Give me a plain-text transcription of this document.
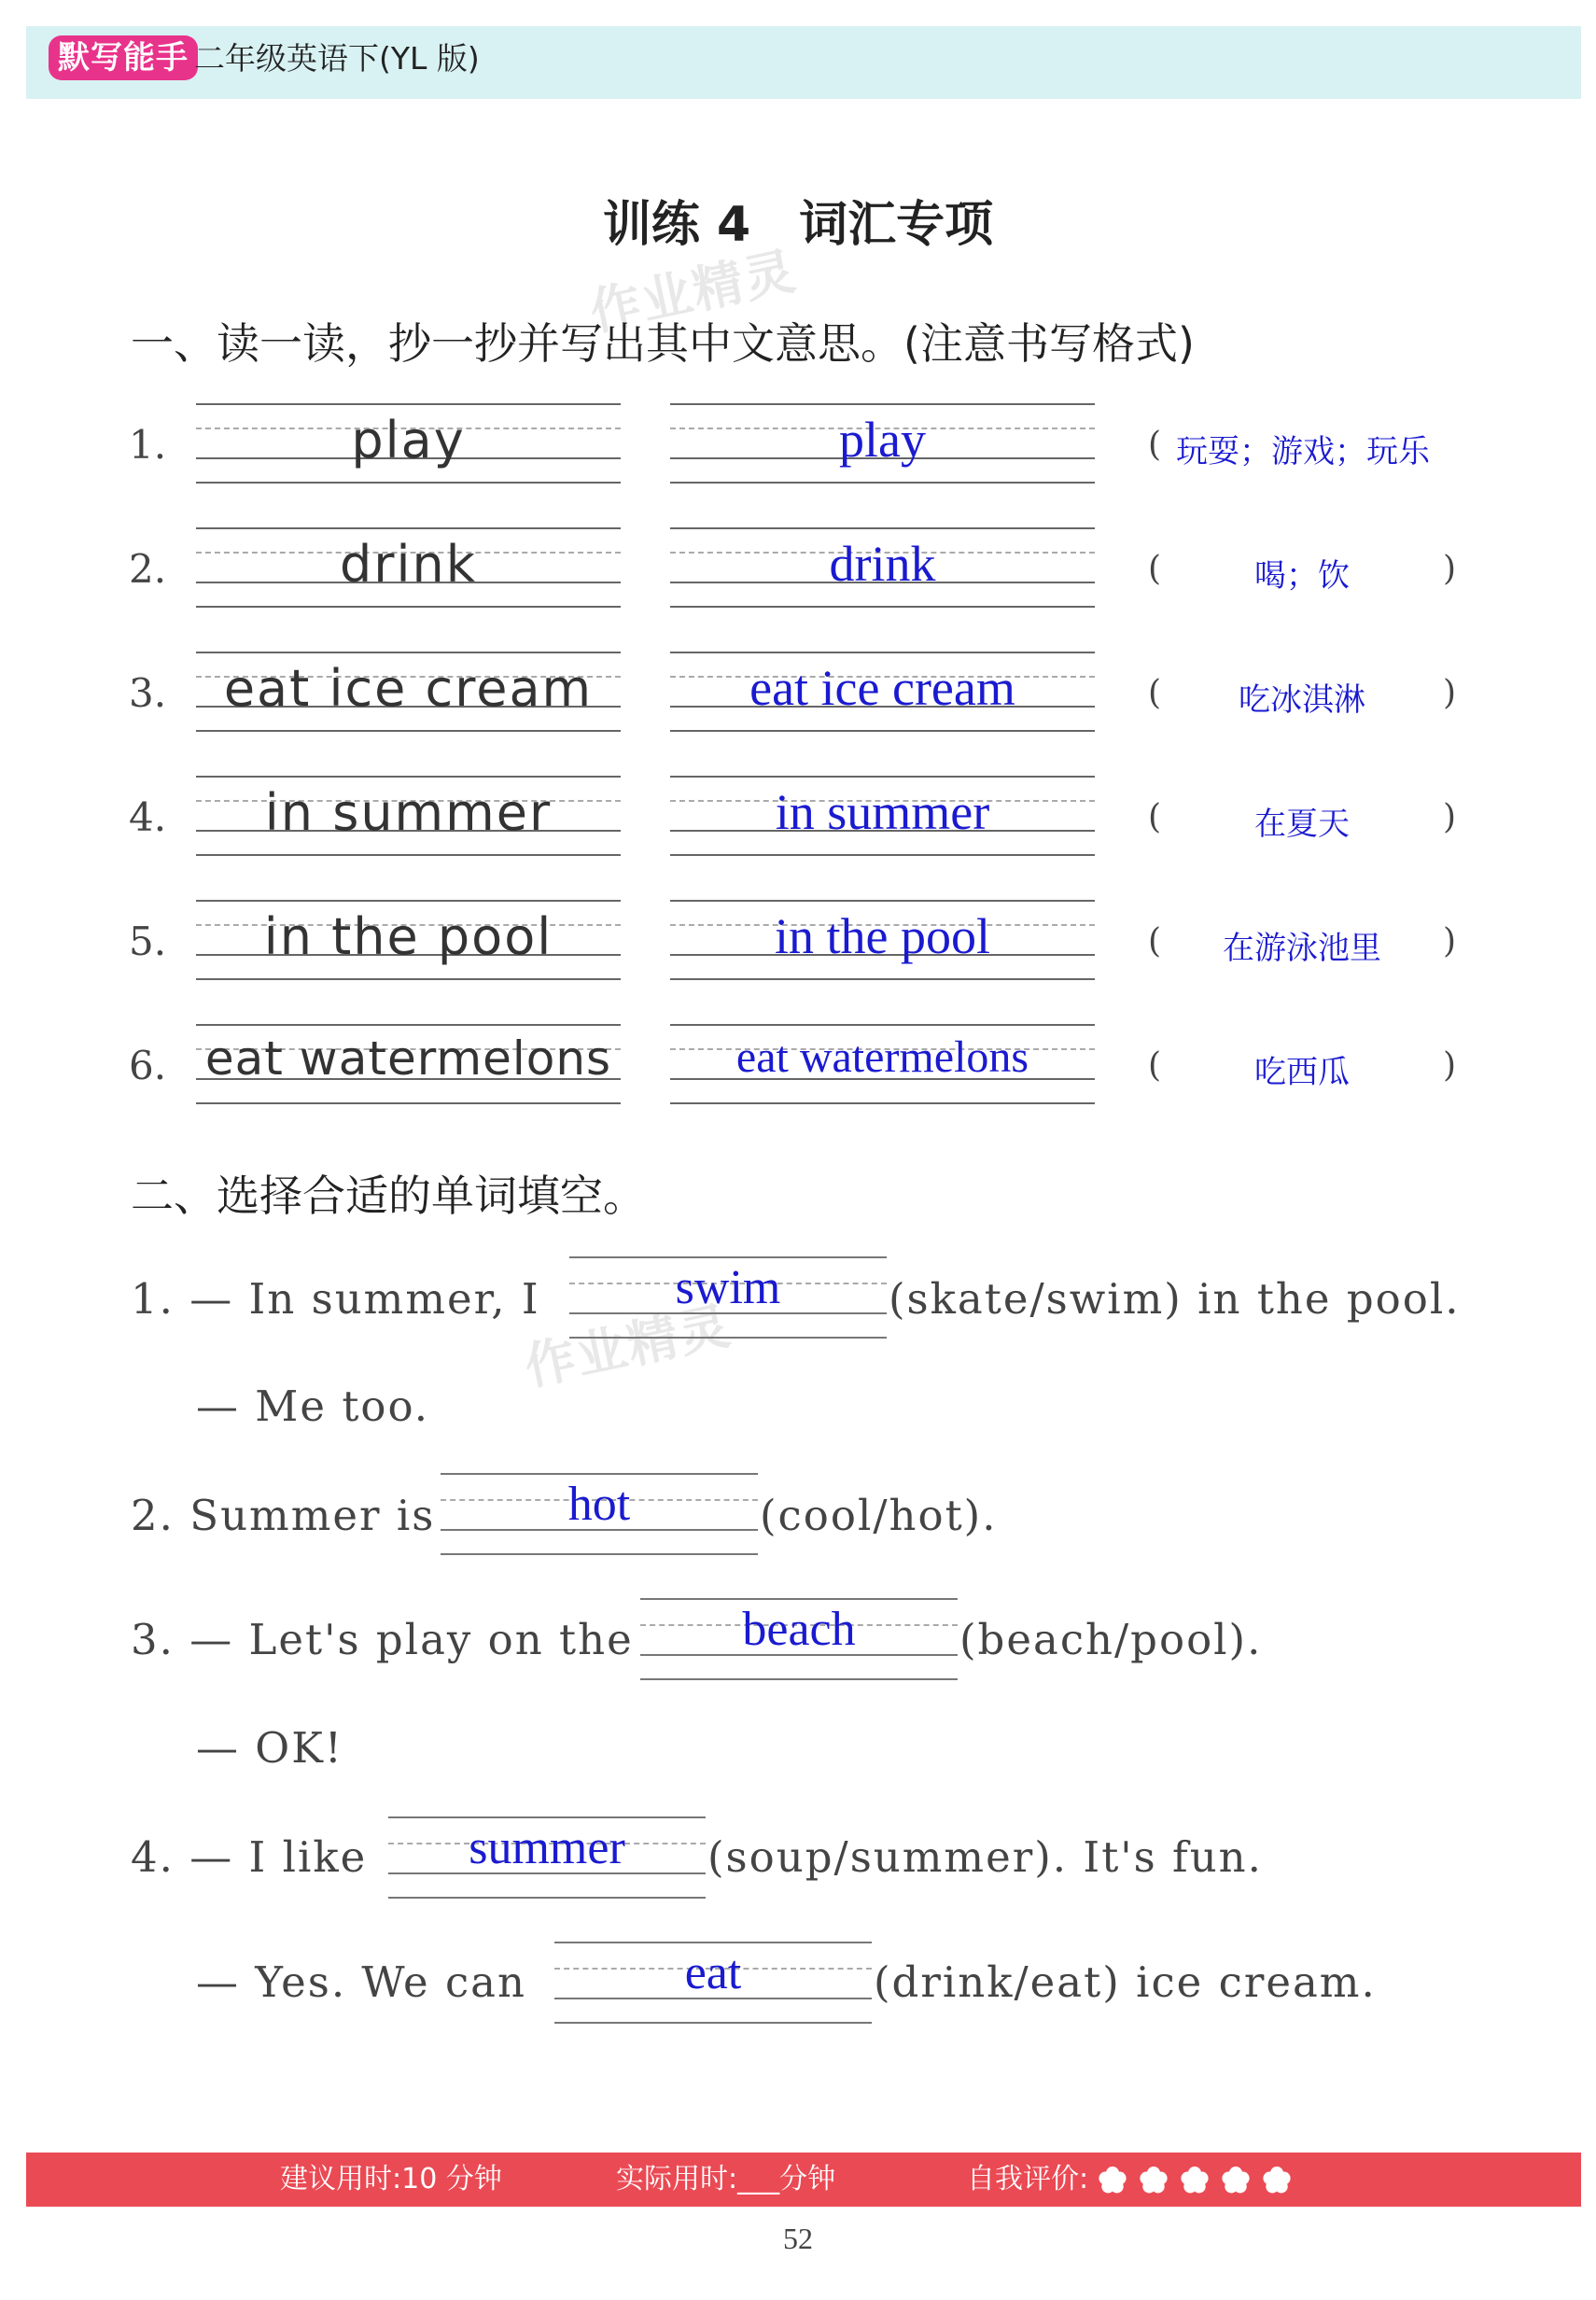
默写能手 二年级英语下(YL 版)
训练 4　词汇专项
作业精灵
作业精灵
一、读一读，抄一抄并写出其中文意思。(注意书写格式)
1.	play	play	( 玩耍；游戏；玩乐
2.	drink	drink	(	喝；饮	)
3.	eat ice cream	eat ice cream	(	吃冰淇淋	)
4.	in summer	in summer	(	在夏天	)
5.	in the pool	in the pool	(	在游泳池里	)
6. eat watermelons	eat watermelons	(	吃西瓜	)
二、选择合适的单词填空。
1. — In summer, I	swim	(skate/swim) in the pool.
— Me too.
2. Summer is	hot	(cool/hot).
3. — Let's play on the	beach	(beach/pool).
— OK!
4. — I like	summer	(soup/summer). It's fun.
— Yes. We can	eat	(drink/eat) ice cream.
建议用时:10 分钟	实际用时:___分钟	自我评价:
52
